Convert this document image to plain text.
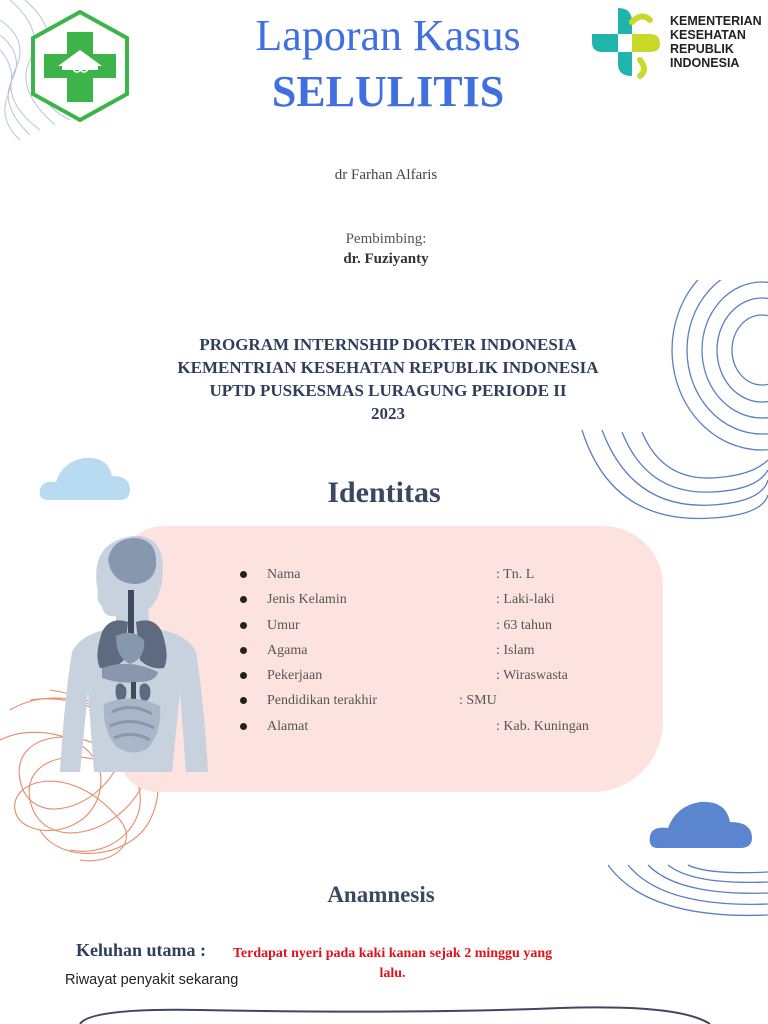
KEMENTERIAN
KESEHATAN
REPUBLIK
INDONESIA
Laporan Kasus
SELULITIS
dr Farhan Alfaris
Pembimbing:
dr. Fuziyanty
PROGRAM INTERNSHIP DOKTER INDONESIA
KEMENTRIAN KESEHATAN REPUBLIK INDONESIA
UPTD PUSKESMAS LURAGUNG PERIODE II
2023
Identitas
Nama	: Tn. L
Jenis Kelamin	: Laki-laki
Umur	: 63 tahun
Agama	: Islam
Pekerjaan	: Wiraswasta
Pendidikan terakhir	: SMU
Alamat	: Kab. Kuningan
Anamnesis
Keluhan utama :	Terdapat nyeri pada kaki kanan sejak 2 minggu yang lalu.
Riwayat penyakit sekarang
